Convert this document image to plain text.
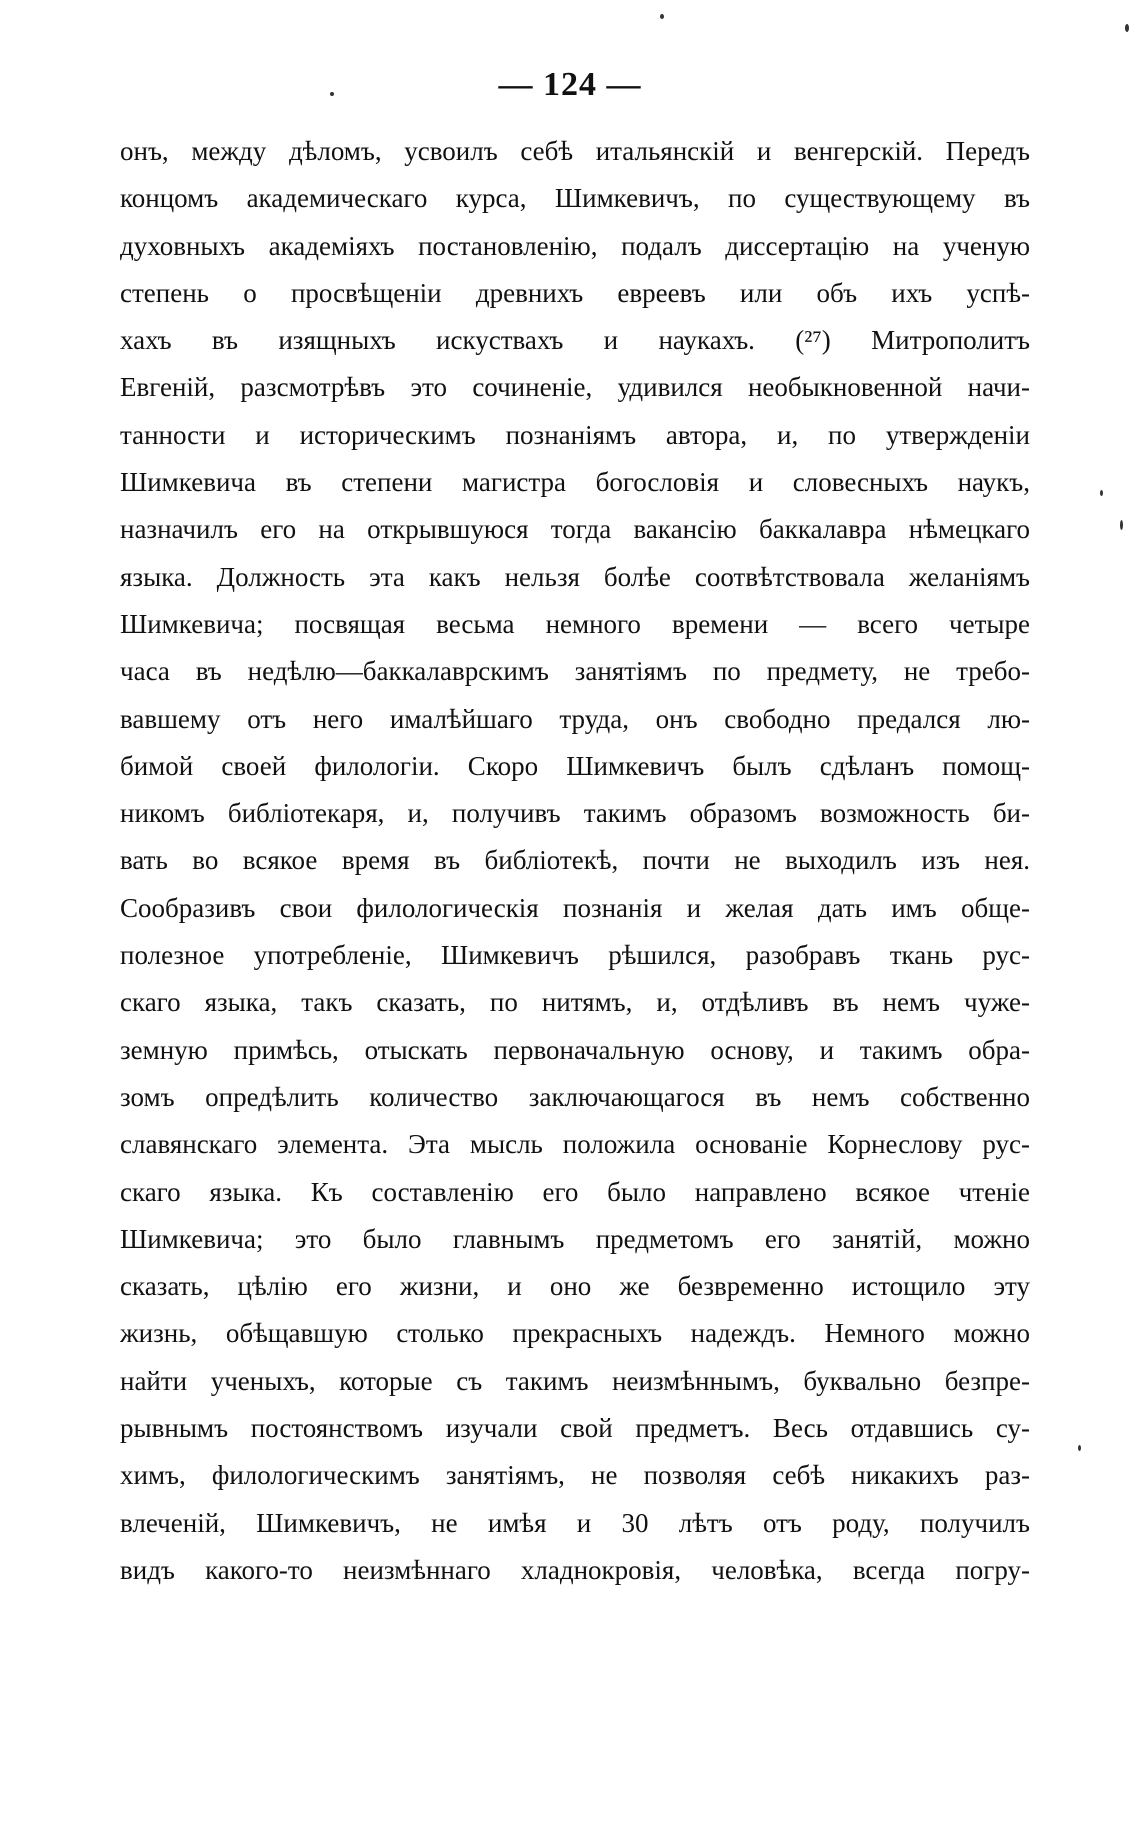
— 124 —
онъ, между дѣломъ, усвоилъ себѣ итальянскій и венгерскій. Передъ
концомъ академическаго курса, Шимкевичъ, по существующему въ
духовныхъ академіяхъ постановленію, подалъ диссертацію на ученую
степень о просвѣщеніи древнихъ евреевъ или объ ихъ успѣ-
хахъ въ изящныхъ искуствахъ и наукахъ. (²⁷) Митрополитъ
Евгеній, разсмотрѣвъ это сочиненіе, удивился необыкновенной начи-
танности и историческимъ познаніямъ автора, и, по утвержденіи
Шимкевича въ степени магистра богословія и словесныхъ наукъ,
назначилъ его на открывшуюся тогда вакансію баккалавра нѣмецкаго
языка. Должность эта какъ нельзя болѣе соотвѣтствовала желаніямъ
Шимкевича; посвящая весьма немного времени — всего четыре
часа въ недѣлю—баккалаврскимъ занятіямъ по предмету, не требо-
вавшему отъ него ималѣйшаго труда, онъ свободно предался лю-
бимой своей филологіи. Скоро Шимкевичъ былъ сдѣланъ помощ-
никомъ библіотекаря, и, получивъ такимъ образомъ возможность би-
вать во всякое время въ библіотекѣ, почти не выходилъ изъ нея.
Сообразивъ свои филологическія познанія и желая дать имъ обще-
полезное употребленіе, Шимкевичъ рѣшился, разобравъ ткань рус-
скаго языка, такъ сказать, по нитямъ, и, отдѣливъ въ немъ чуже-
земную примѣсь, отыскать первоначальную основу, и такимъ обра-
зомъ опредѣлить количество заключающагося въ немъ собственно
славянскаго элемента. Эта мысль положила основаніе Корнеслову рус-
скаго языка. Къ составленію его было направлено всякое чтеніе
Шимкевича; это было главнымъ предметомъ его занятій, можно
сказать, цѣлію его жизни, и оно же безвременно истощило эту
жизнь, обѣщавшую столько прекрасныхъ надеждъ. Немного можно
найти ученыхъ, которые съ такимъ неизмѣннымъ, буквально безпре-
рывнымъ постоянствомъ изучали свой предметъ. Весь отдавшись су-
химъ, филологическимъ занятіямъ, не позволяя себѣ никакихъ раз-
влеченій, Шимкевичъ, не имѣя и 30 лѣтъ отъ роду, получилъ
видъ какого-то неизмѣннаго хладнокровія, человѣка, всегда погру-
